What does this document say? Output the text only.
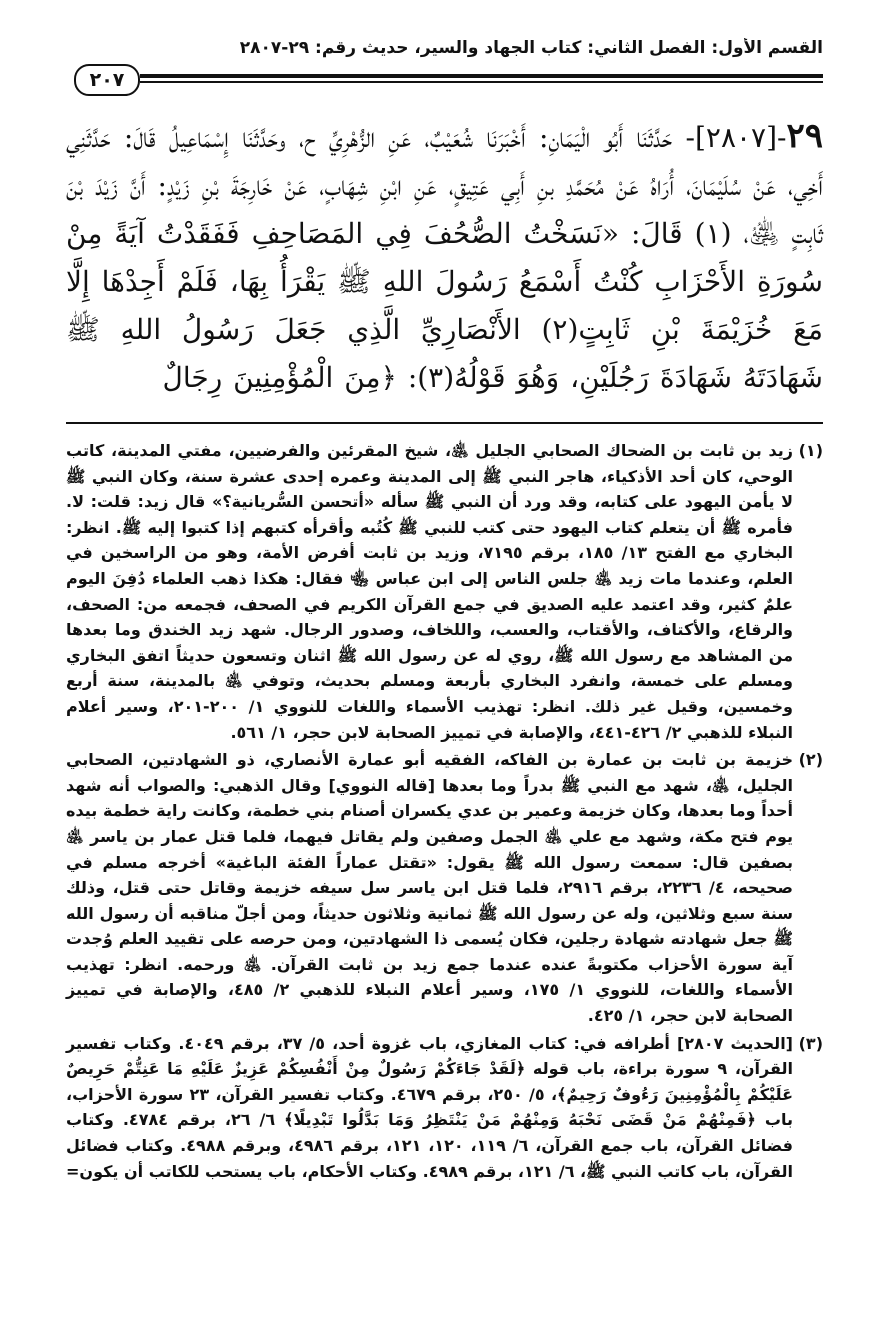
القسم الأول: الفصل الثاني: كتاب الجهاد والسير، حديث رقم: ٢٩-٢٨٠٧
٢٠٧
٢٩-[٢٨٠٧]- حَدَّثَنَا أَبُو الْيَمَانِ: أَخْبَرَنَا شُعَيْبٌ، عَنِ الزُّهْرِيِّ ح، وحَدَّثَنَا إِسْمَاعِيلُ قَالَ: حَدَّثَنِي أَخِي، عَنْ سُلَيْمَانَ، أُرَاهُ عَنْ مُحَمَّدِ بنِ أَبِي عَتِيقٍ، عَنِ ابْنِ شِهَابٍ، عَنْ خَارِجَةَ بْنِ زَيْدٍ: أَنَّ زَيْدَ بْنَ ثَابِتٍ ﵁، (١) قَالَ: «نَسَخْتُ الصُّحُفَ فِي المَصَاحِفِ فَفَقَدْتُ آيَةً مِنْ سُورَةِ الأَحْزَابِ كُنْتُ أَسْمَعُ رَسُولَ اللهِ ﷺ يَقْرَأُ بِهَا، فَلَمْ أَجِدْهَا إِلَّا مَعَ خُزَيْمَةَ بْنِ ثَابِتٍ(٢) الأَنْصَارِيِّ الَّذِي جَعَلَ رَسُولُ اللهِ ﷺ شَهَادَتَهُ شَهَادَةَ رَجُلَيْنِ، وَهُوَ قَوْلُهُ(٣): ﴿مِنَ الْمُؤْمِنِينَ رِجَالٌ
(١)
زيد بن ثابت بن الضحاك الصحابي الجليل ﵁، شيخ المقرئين والفرضيين، مفتي المدينة، كاتب الوحي، كان أحد الأذكياء، هاجر النبي ﷺ إلى المدينة وعمره إحدى عشرة سنة، وكان النبي ﷺ لا يأمن اليهود على كتابه، وقد ورد أن النبي ﷺ سأله «أتحسن السُّريانية؟» قال زيد: قلت: لا. فأمره ﷺ أن يتعلم كتاب اليهود حتى كتب للنبي ﷺ كُتُبه وأقرأه كتبهم إذا كتبوا إليه ﷺ. انظر: البخاري مع الفتح ١٣/ ١٨٥، برقم ٧١٩٥، وزيد بن ثابت أفرض الأمة، وهو من الراسخين في العلم، وعندما مات زيد ﵁ جلس الناس إلى ابن عباس ﵄ فقال: هكذا ذهب العلماء دُفِنَ اليوم علمٌ كثير، وقد اعتمد عليه الصديق في جمع القرآن الكريم في الصحف، فجمعه من: الصحف، والرقاع، والأكتاف، والأقتاب، والعسب، واللخاف، وصدور الرجال. شهد زيد الخندق وما بعدها من المشاهد مع رسول الله ﷺ، روي له عن رسول الله ﷺ اثنان وتسعون حديثاً اتفق البخاري ومسلم على خمسة، وانفرد البخاري بأربعة ومسلم بحديث، وتوفي ﵁ بالمدينة، سنة أربع وخمسين، وقيل غير ذلك. انظر: تهذيب الأسماء واللغات للنووي ١/ ٢٠٠-٢٠١، وسير أعلام النبلاء للذهبي ٢/ ٤٢٦-٤٤١، والإصابة في تمييز الصحابة لابن حجر، ١/ ٥٦١.
(٢)
خزيمة بن ثابت بن عمارة بن الفاكه، الفقيه أبو عمارة الأنصاري، ذو الشهادتين، الصحابي الجليل، ﵁، شهد مع النبي ﷺ بدراً وما بعدها [قاله النووي] وقال الذهبي: والصواب أنه شهد أحداً وما بعدها، وكان خزيمة وعمير بن عدي يكسران أصنام بني خطمة، وكانت راية خطمة بيده يوم فتح مكة، وشهد مع علي ﵁ الجمل وصفين ولم يقاتل فيهما، فلما قتل عمار بن ياسر ﵁ بصفين قال: سمعت رسول الله ﷺ يقول: «تقتل عماراً الفئة الباغية» أخرجه مسلم في صحيحه، ٤/ ٢٢٣٦، برقم ٢٩١٦، فلما قتل ابن ياسر سل سيفه خزيمة وقاتل حتى قتل، وذلك سنة سبع وثلاثين، وله عن رسول الله ﷺ ثمانية وثلاثون حديثاً، ومن أجلّ مناقبه أن رسول الله ﷺ جعل شهادته شهادة رجلين، فكان يُسمى ذا الشهادتين، ومن حرصه على تقييد العلم وُجدت آية سورة الأحزاب مكتوبةً عنده عندما جمع زيد بن ثابت القرآن. ﵁ ورحمه. انظر: تهذيب الأسماء واللغات، للنووي ١/ ١٧٥، وسير أعلام النبلاء للذهبي ٢/ ٤٨٥، والإصابة في تمييز الصحابة لابن حجر، ١/ ٤٢٥.
(٣)
[الحديث ٢٨٠٧] أطرافه في: كتاب المغازي، باب غزوة أحد، ٥/ ٣٧، برقم ٤٠٤٩. وكتاب تفسير القرآن، ٩ سورة براءة، باب قوله ﴿لَقَدْ جَاءَكُمْ رَسُولٌ مِنْ أَنْفُسِكُمْ عَزِيزٌ عَلَيْهِ مَا عَنِتُّمْ حَرِيصٌ عَلَيْكُمْ بِالْمُؤْمِنِينَ رَءُوفٌ رَحِيمٌ﴾، ٥/ ٢٥٠، برقم ٤٦٧٩. وكتاب تفسير القرآن، ٢٣ سورة الأحزاب، باب ﴿فَمِنْهُمْ مَنْ قَضَى نَحْبَهُ وَمِنْهُمْ مَنْ يَنْتَظِرُ وَمَا بَدَّلُوا تَبْدِيلًا﴾ ٦/ ٢٦، برقم ٤٧٨٤. وكتاب فضائل القرآن، باب جمع القرآن، ٦/ ١١٩، ١٢٠، ١٢١، برقم ٤٩٨٦، وبرقم ٤٩٨٨. وكتاب فضائل القرآن، باب كاتب النبي ﷺ، ٦/ ١٢١، برقم ٤٩٨٩. وكتاب الأحكام، باب يستحب للكاتب أن يكون=
